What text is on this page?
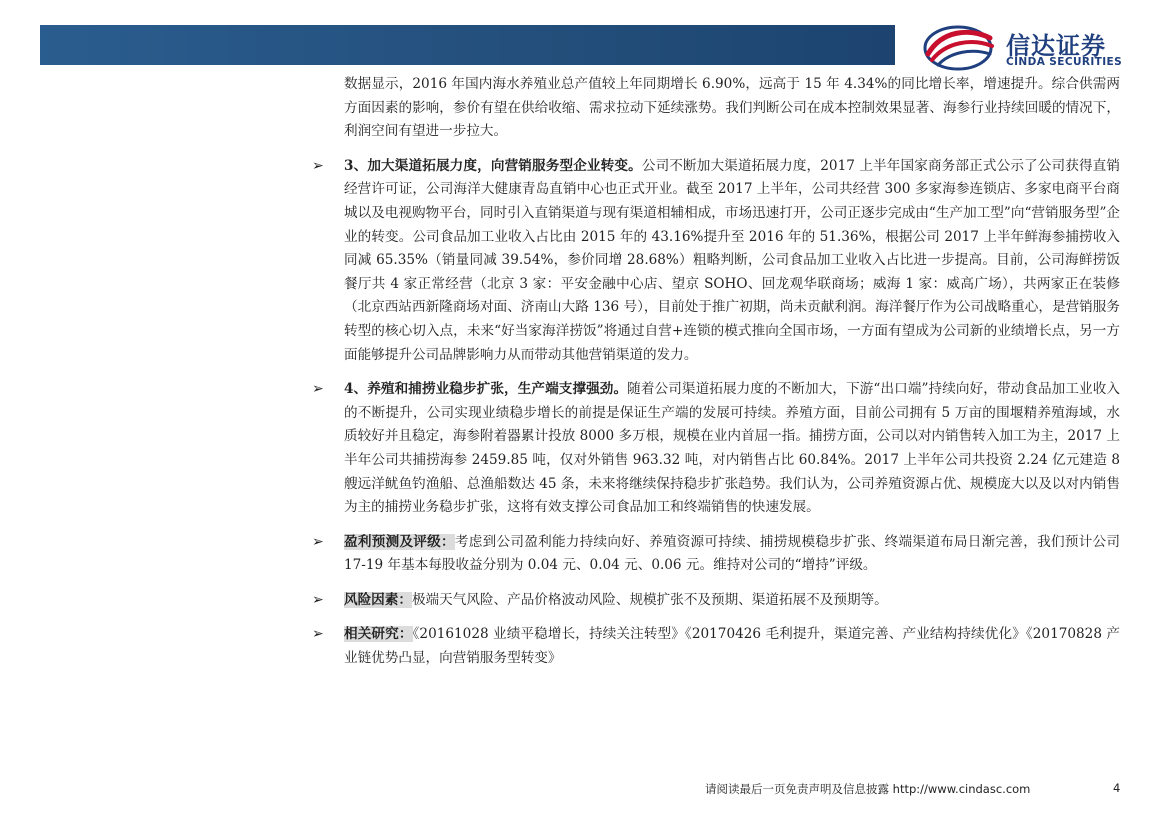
信达证券
CINDA SECURITIES
数据显示，2016 年国内海水养殖业总产值较上年同期增长 6.90%，远高于 15 年 4.34%的同比增长率，增速提升。综合供需两方面因素的影响，参价有望在供给收缩、需求拉动下延续涨势。我们判断公司在成本控制效果显著、海参行业持续回暖的情况下，利润空间有望进一步拉大。
➢ 3、加大渠道拓展力度，向营销服务型企业转变。公司不断加大渠道拓展力度，2017 上半年国家商务部正式公示了公司获得直销经营许可证，公司海洋大健康青岛直销中心也正式开业。截至 2017 上半年，公司共经营 300 多家海参连锁店、多家电商平台商城以及电视购物平台，同时引入直销渠道与现有渠道相辅相成，市场迅速打开，公司正逐步完成由“生产加工型”向“营销服务型”企业的转变。公司食品加工业收入占比由 2015 年的 43.16%提升至 2016 年的 51.36%，根据公司 2017 上半年鲜海参捕捞收入同减 65.35%（销量同减 39.54%，参价同增 28.68%）粗略判断，公司食品加工业收入占比进一步提高。目前，公司海鲜捞饭餐厅共 4 家正常经营（北京 3 家：平安金融中心店、望京 SOHO、回龙观华联商场；威海 1 家：威高广场），共两家正在装修（北京西站西新隆商场对面、济南山大路 136 号），目前处于推广初期，尚未贡献利润。海洋餐厅作为公司战略重心，是营销服务转型的核心切入点，未来“好当家海洋捞饭”将通过自营+连锁的模式推向全国市场，一方面有望成为公司新的业绩增长点，另一方面能够提升公司品牌影响力从而带动其他营销渠道的发力。
➢ 4、养殖和捕捞业稳步扩张，生产端支撑强劲。随着公司渠道拓展力度的不断加大，下游“出口端”持续向好，带动食品加工业收入的不断提升，公司实现业绩稳步增长的前提是保证生产端的发展可持续。养殖方面，目前公司拥有 5 万亩的围堰精养殖海域，水质较好并且稳定，海参附着器累计投放 8000 多万根，规模在业内首屈一指。捕捞方面，公司以对内销售转入加工为主，2017 上半年公司共捕捞海参 2459.85 吨，仅对外销售 963.32 吨，对内销售占比 60.84%。2017 上半年公司共投资 2.24 亿元建造 8 艘远洋鱿鱼钓渔船、总渔船数达 45 条，未来将继续保持稳步扩张趋势。我们认为，公司养殖资源占优、规模庞大以及以对内销售为主的捕捞业务稳步扩张，这将有效支撑公司食品加工和终端销售的快速发展。
➢ 盈利预测及评级：考虑到公司盈利能力持续向好、养殖资源可持续、捕捞规模稳步扩张、终端渠道布局日渐完善，我们预计公司 17-19 年基本每股收益分别为 0.04 元、0.04 元、0.06 元。维持对公司的“增持”评级。
➢ 风险因素：极端天气风险、产品价格波动风险、规模扩张不及预期、渠道拓展不及预期等。
➢ 相关研究：《20161028 业绩平稳增长，持续关注转型》《20170426 毛利提升，渠道完善、产业结构持续优化》《20170828 产业链优势凸显，向营销服务型转变》
请阅读最后一页免责声明及信息披露 http://www.cindasc.com	4
